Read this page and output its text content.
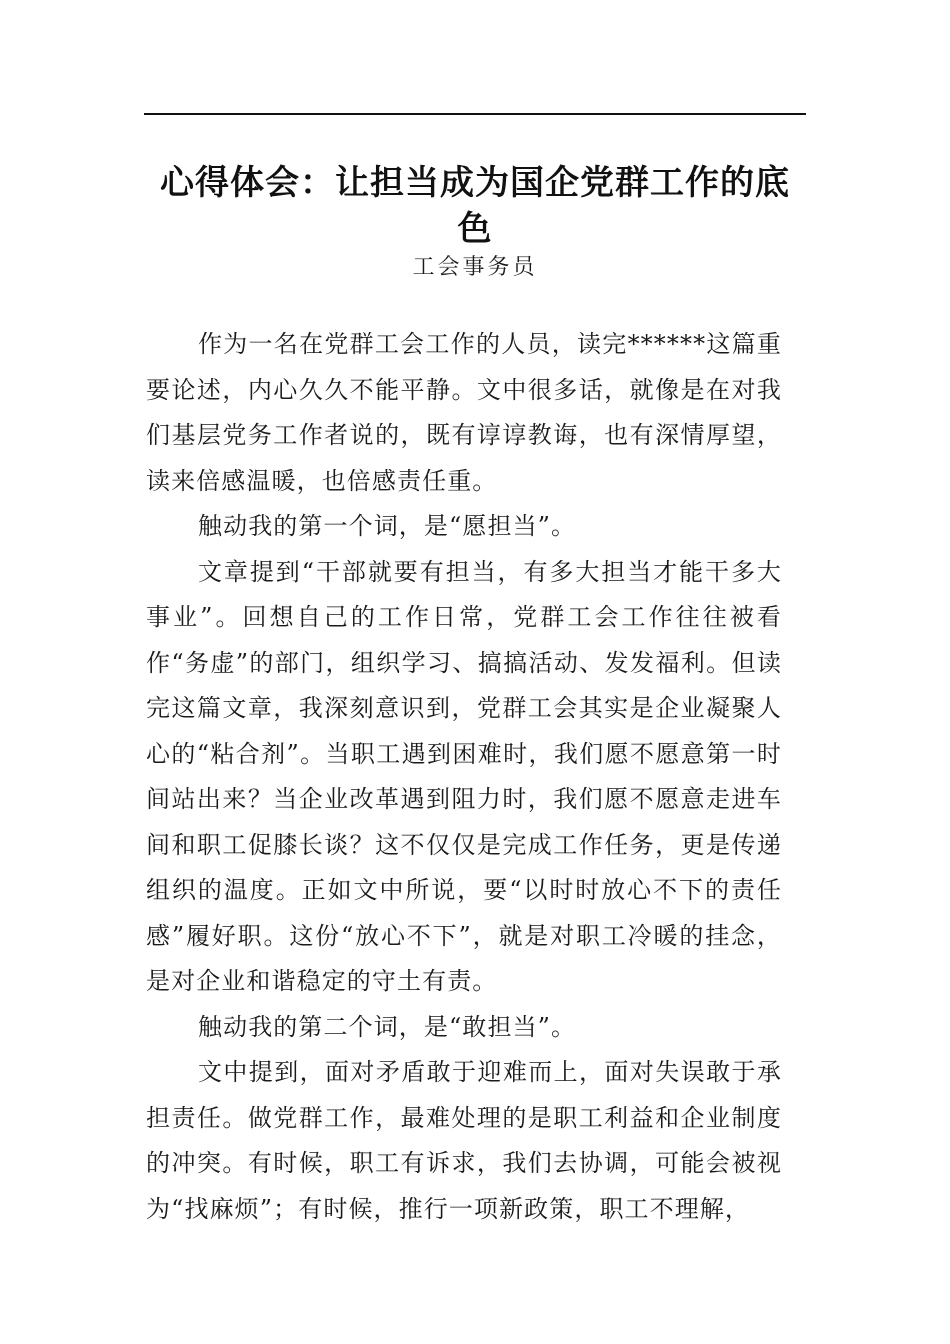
心得体会：让担当成为国企党群工作的底色
工会事务员

作为一名在党群工会工作的人员，读完******这篇重要论述，内心久久不能平静。文中很多话，就像是在对我们基层党务工作者说的，既有谆谆教诲，也有深情厚望，读来倍感温暖，也倍感责任重。

触动我的第一个词，是“愿担当”。

文章提到“干部就要有担当，有多大担当才能干多大事业”。回想自己的工作日常，党群工会工作往往被看作“务虚”的部门，组织学习、搞搞活动、发发福利。但读完这篇文章，我深刻意识到，党群工会其实是企业凝聚人心的“粘合剂”。当职工遇到困难时，我们愿不愿意第一时间站出来？当企业改革遇到阻力时，我们愿不愿意走进车间和职工促膝长谈？这不仅仅是完成工作任务，更是传递组织的温度。正如文中所说，要“以时时放心不下的责任感”履好职。这份“放心不下”，就是对职工冷暖的挂念，是对企业和谐稳定的守土有责。

触动我的第二个词，是“敢担当”。

文中提到，面对矛盾敢于迎难而上，面对失误敢于承担责任。做党群工作，最难处理的是职工利益和企业制度的冲突。有时候，职工有诉求，我们去协调，可能会被视为“找麻烦”；有时候，推行一项新政策，职工不理解，
